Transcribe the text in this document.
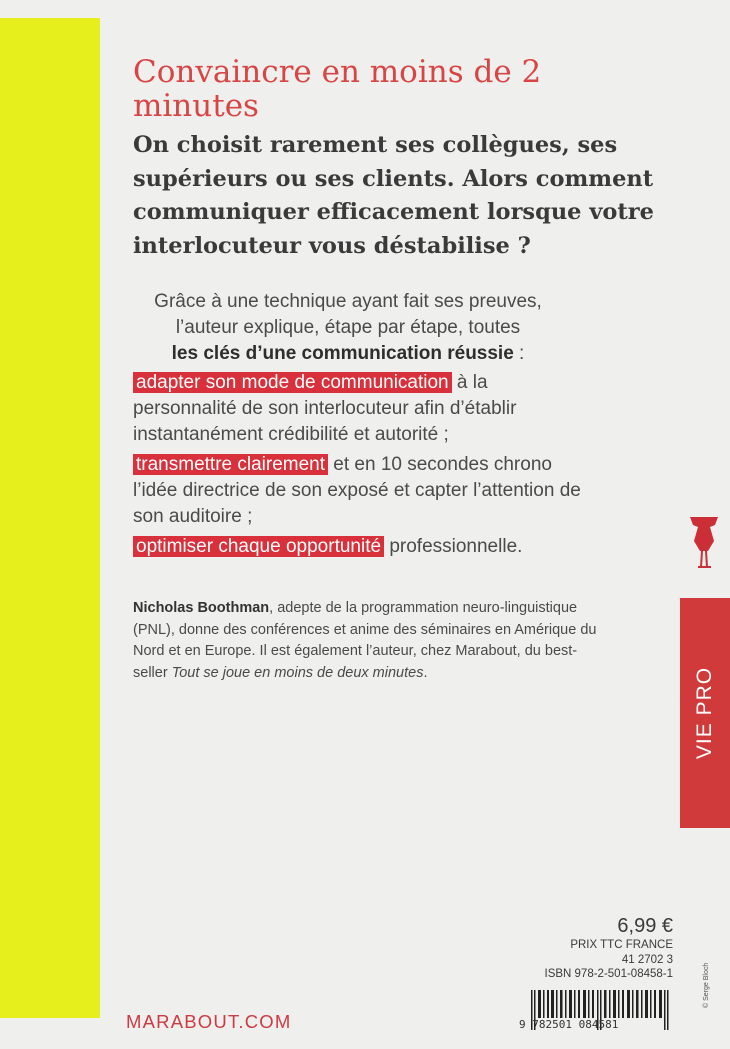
Convaincre en moins de 2 minutes

On choisit rarement ses collègues, ses supérieurs ou ses clients. Alors comment communiquer efficacement lorsque votre interlocuteur vous déstabilise ?

Grâce à une technique ayant fait ses preuves, l’auteur explique, étape par étape, toutes
les clés d’une communication réussie :

adapter son mode de communication à la personnalité de son interlocuteur afin d’établir instantanément crédibilité et autorité ;

transmettre clairement et en 10 secondes chrono l’idée directrice de son exposé et capter l’attention de son auditoire ;

optimiser chaque opportunité professionnelle.

Nicholas Boothman, adepte de la programmation neuro-linguistique (PNL), donne des conférences et anime des séminaires en Amérique du Nord et en Europe. Il est également l’auteur, chez Marabout, du best-seller Tout se joue en moins de deux minutes.	VIE PRO
6,99 €
PRIX TTC FRANCE
41 2702 3
ISBN 978-2-501-08458-1
9 782501 084581
MARABOUT.COM
© Serge Bloch
